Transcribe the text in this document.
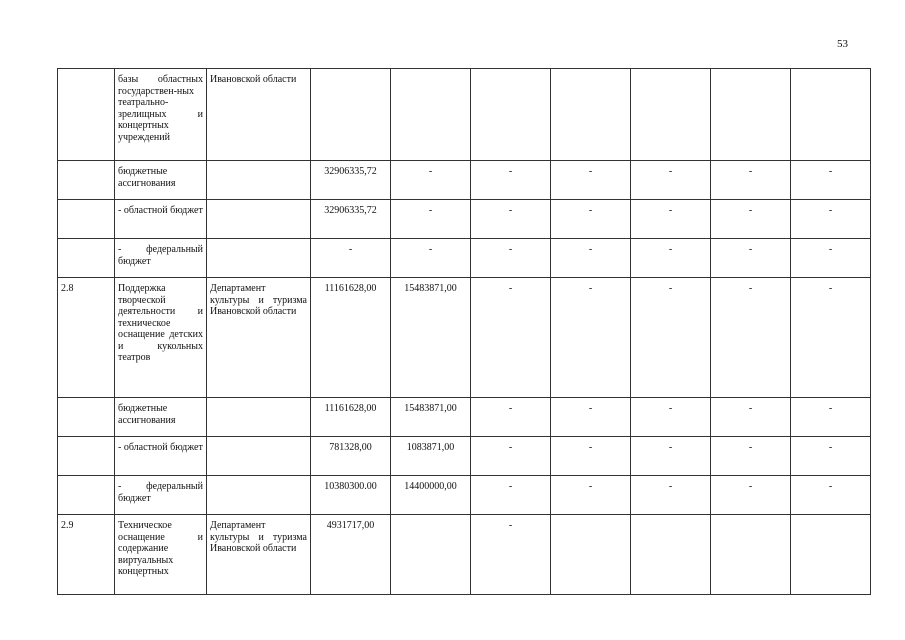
53
	базы областных государствен-ных театрально-зрелищных и концертных учреждений	Ивановской области							
	бюджетные ассигнования		32906335,72	-	-	-	-	-	-
	- областной бюджет		32906335,72	-	-	-	-	-	-
	- федеральный бюджет		-	-	-	-	-	-	-
2.8	Поддержка творческой деятельности и техническое оснащение детских и кукольных театров	Департамент культуры и туризма Ивановской области	11161628,00	15483871,00	-	-	-	-	-
	бюджетные ассигнования		11161628,00	15483871,00	-	-	-	-	-
	- областной бюджет		781328,00	1083871,00	-	-	-	-	-
	- федеральный бюджет		10380300.00	14400000,00	-	-	-	-	-
2.9	Техническое оснащение и содержание виртуальных концертных	Департамент культуры и туризма Ивановской области	4931717,00		-				
